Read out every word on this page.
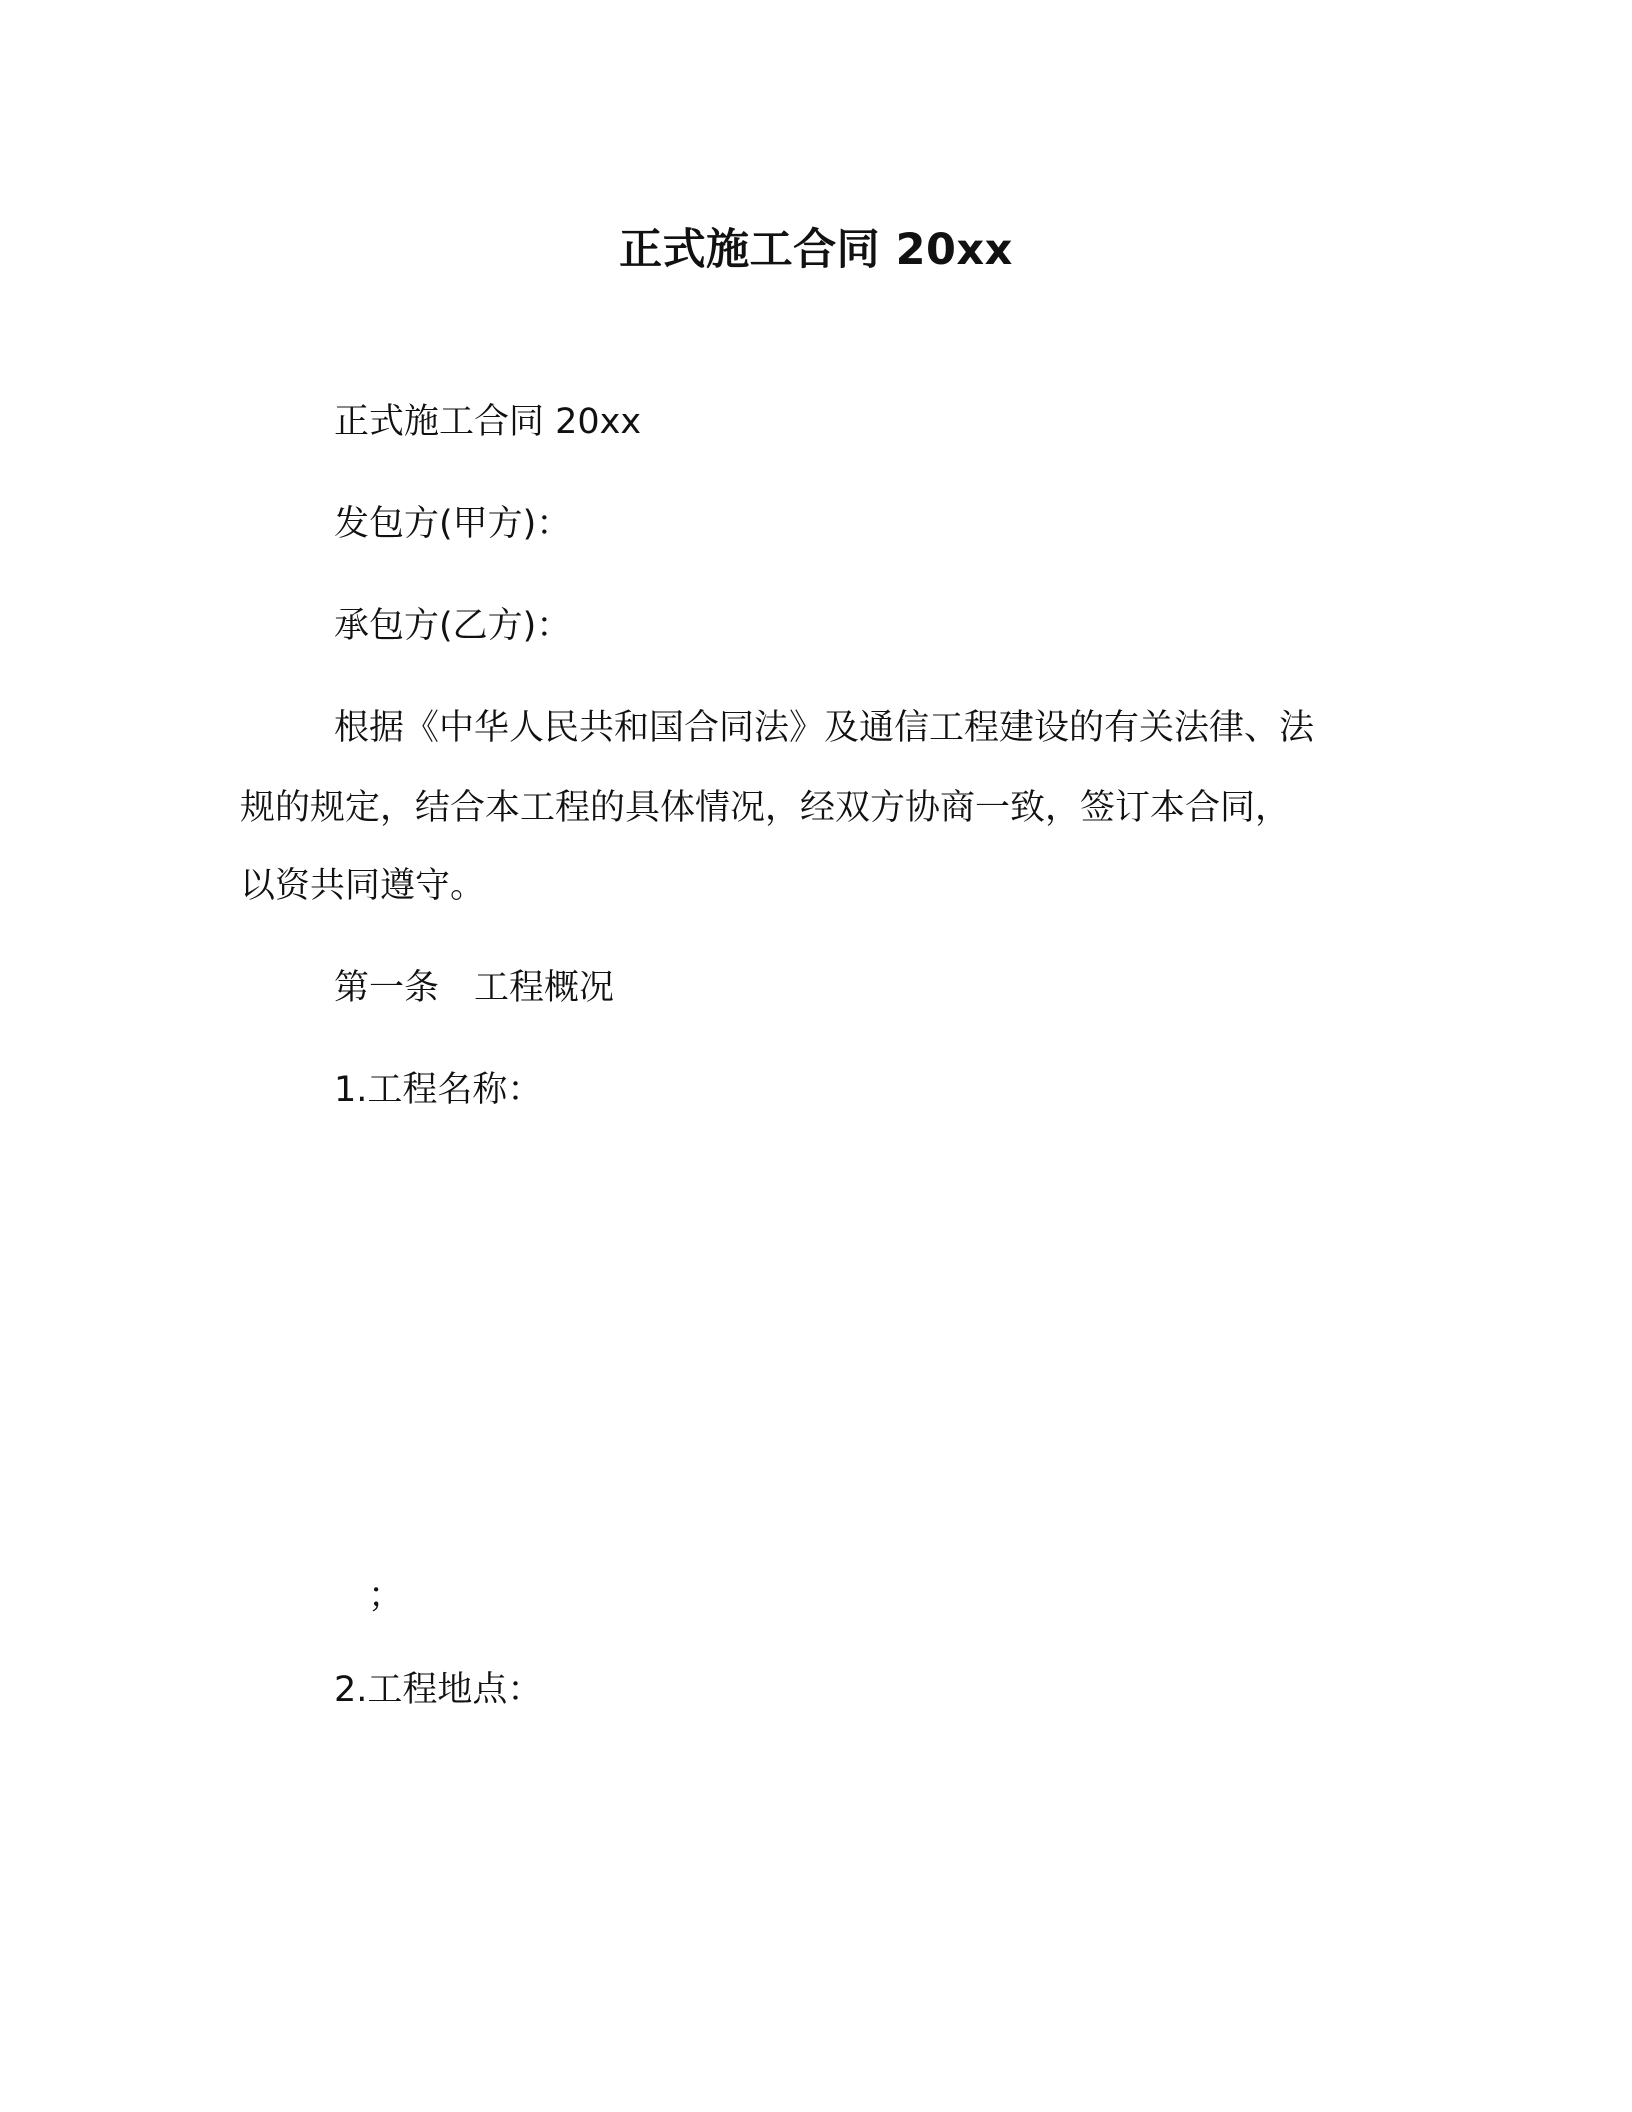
正式施工合同 20xx
正式施工合同 20xx
发包方(甲方)：
承包方(乙方)：
根据《中华人民共和国合同法》及通信工程建设的有关法律、法
规的规定，结合本工程的具体情况，经双方协商一致，签订本合同，
以资共同遵守。
第一条　工程概况
1.工程名称：
；
2.工程地点：
